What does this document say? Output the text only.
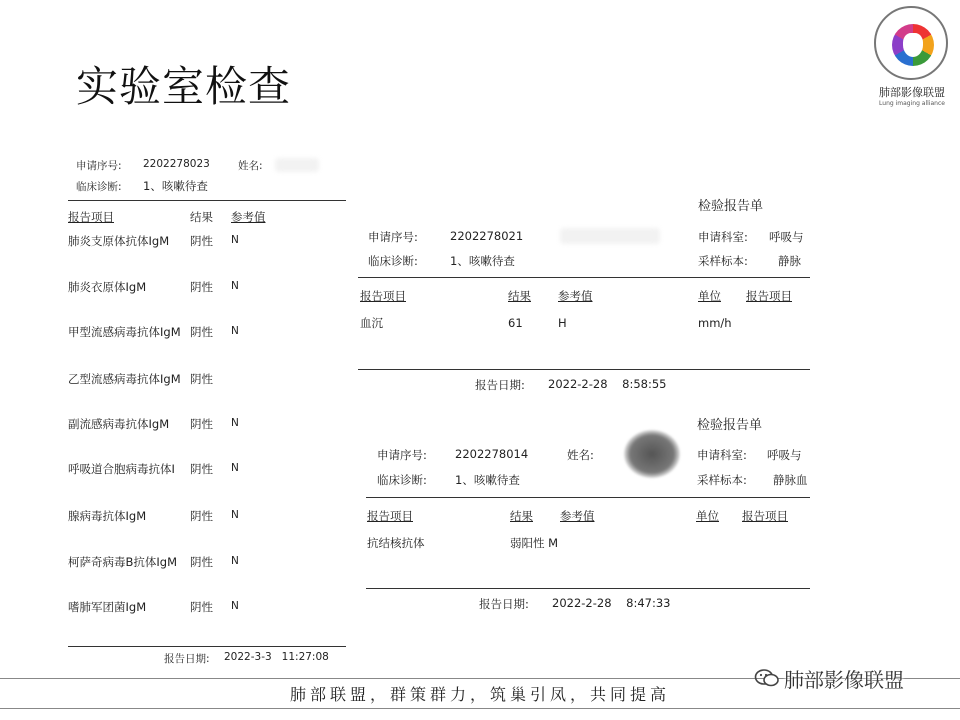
实验室检查	肺部影像联盟
Lung imaging alliance
申请序号: 2202278023	姓名:
临床诊断: 1、咳嗽待查
报告项目	结果 参考值
肺炎支原体抗体IgM 阴性 N
肺炎衣原体IgM	阴性 N
甲型流感病毒抗体IgM 阴性 N
乙型流感病毒抗体IgM 阴性
副流感病毒抗体IgM 阴性 N
呼吸道合胞病毒抗体I 阴性 N
腺病毒抗体IgM	阴性 N
柯萨奇病毒B抗体IgM 阴性 N
嗜肺军团菌IgM	阴性 N
报告日期: 2022-3-3   11:27:08
检验报告单
申请序号:	2202278021	申请科室: 呼吸与
临床诊断:	1、咳嗽待查	采样标本:	静脉
报告项目	结果 参考值	单位 报告项目
血沉	61	H	mm/h
报告日期: 2022-2-28    8:58:55
检验报告单
申请序号: 2202278014	姓名:	申请科室: 呼吸与
临床诊断: 1、咳嗽待查	采样标本: 静脉血
报告项目	结果 参考值	单位 报告项目
抗结核抗体	弱阳性 M
报告日期: 2022-2-28    8:47:33
肺部联盟，群策群力，筑巢引凤，共同提高
肺部影像联盟
